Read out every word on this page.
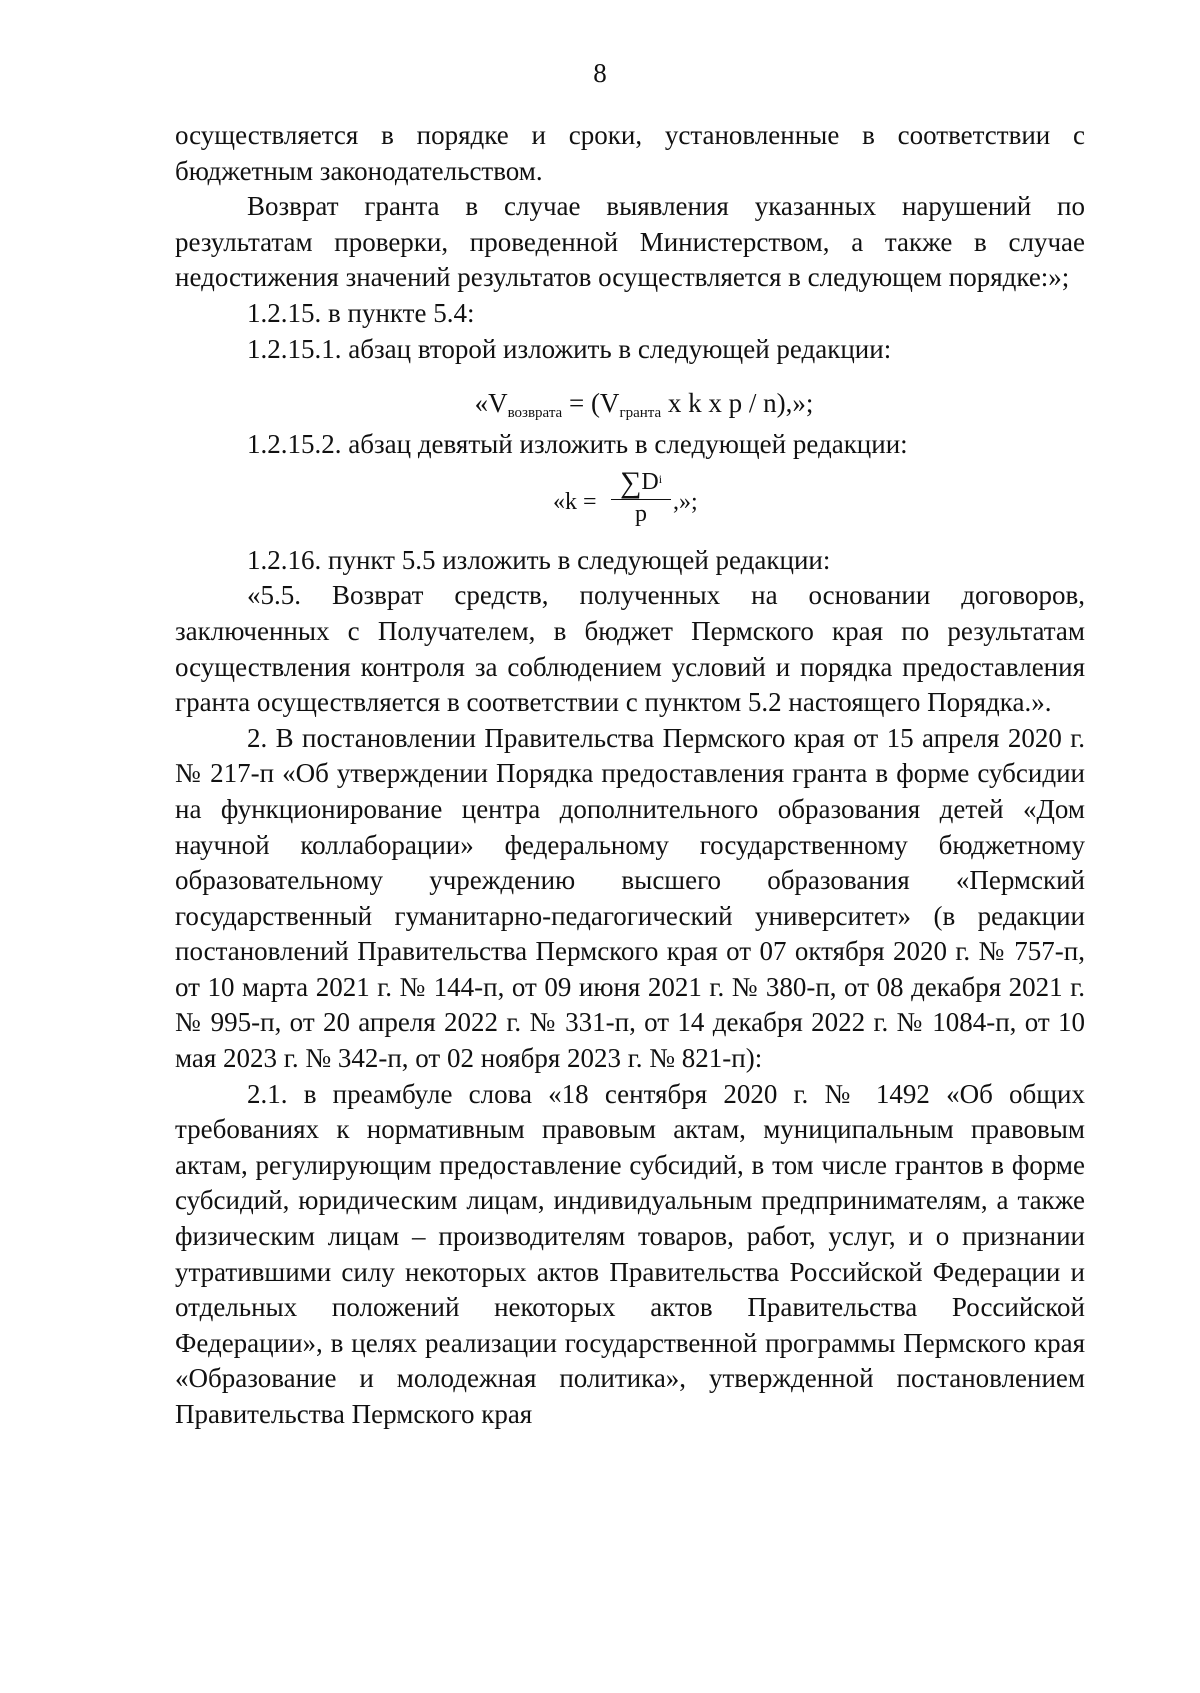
8

осуществляется в порядке и сроки, установленные в соответствии с бюджетным законодательством.

Возврат гранта в случае выявления указанных нарушений по результатам проверки, проведенной Министерством, а также в случае недостижения значений результатов осуществляется в следующем порядке:»;

1.2.15. в пункте 5.4:

1.2.15.1. абзац второй изложить в следующей редакции:

«$V_{возврата} = (V_{гранта}$ x k x p / n),»;

1.2.15.2. абзац девятый изложить в следующей редакции:

«$k = \frac{\sum D^i}{p}$ ,»;

1.2.16. пункт 5.5 изложить в следующей редакции:

«5.5. Возврат средств, полученных на основании договоров, заключенных с Получателем, в бюджет Пермского края по результатам осуществления контроля за соблюдением условий и порядка предоставления гранта осуществляется в соответствии с пунктом 5.2 настоящего Порядка.».

2. В постановлении Правительства Пермского края от 15 апреля 2020 г. № 217-п «Об утверждении Порядка предоставления гранта в форме субсидии на функционирование центра дополнительного образования детей «Дом научной коллаборации» федеральному государственному бюджетному образовательному учреждению высшего образования «Пермский государственный гуманитарно-педагогический университет» (в редакции постановлений Правительства Пермского края от 07 октября 2020 г. № 757-п, от 10 марта 2021 г. № 144-п, от 09 июня 2021 г. № 380-п, от 08 декабря 2021 г. № 995-п, от 20 апреля 2022 г. № 331-п, от 14 декабря 2022 г. № 1084-п, от 10 мая 2023 г. № 342-п, от 02 ноября 2023 г. № 821-п):

2.1. в преамбуле слова «18 сентября 2020 г. № 1492 «Об общих требованиях к нормативным правовым актам, муниципальным правовым актам, регулирующим предоставление субсидий, в том числе грантов в форме субсидий, юридическим лицам, индивидуальным предпринимателям, а также физическим лицам – производителям товаров, работ, услуг, и о признании утратившими силу некоторых актов Правительства Российской Федерации и отдельных положений некоторых актов Правительства Российской Федерации», в целях реализации государственной программы Пермского края «Образование и молодежная политика», утвержденной постановлением Правительства Пермского края
